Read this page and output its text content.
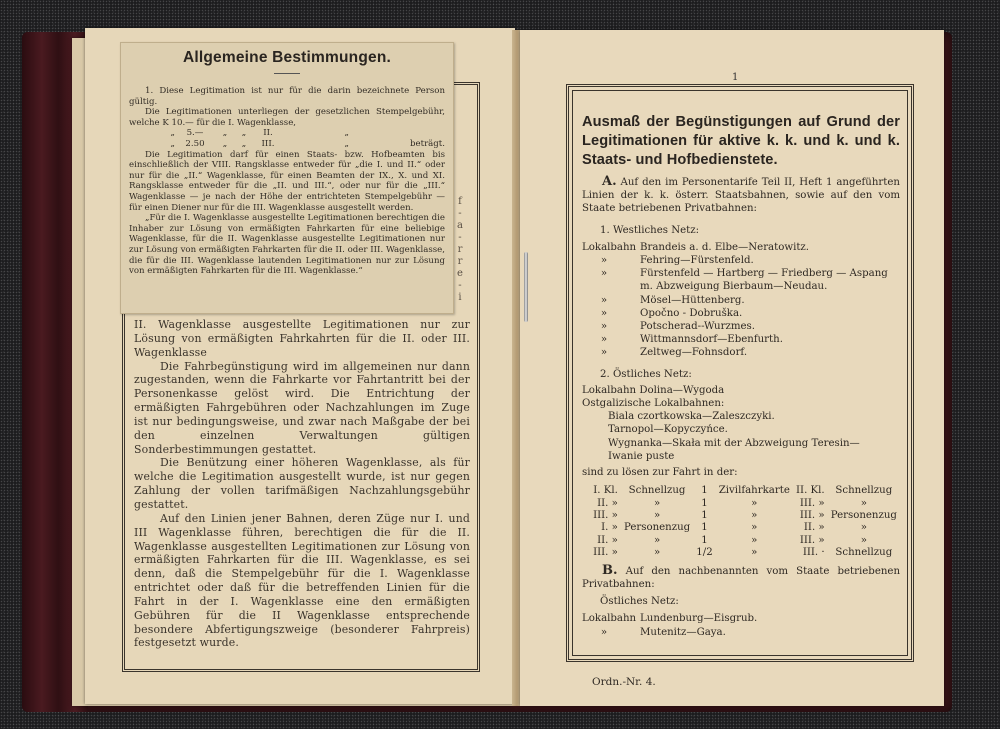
II. Wagenklasse ausgestellte Legitimationen nur zur Lösung von ermäßigten Fahrkahrten für die II. oder III. Wagenklasse

Die Fahrbegünstigung wird im allgemeinen nur dann zugestanden, wenn die Fahrkarte vor Fahrtantritt bei der Personenkasse gelöst wird. Die Entrichtung der ermäßigten Fahrgebühren oder Nachzahlungen im Zuge ist nur bedingungsweise, und zwar nach Maßgabe der bei den einzelnen Verwaltungen gültigen Sonderbestimmungen gestattet.

Die Benützung einer höheren Wagenklasse, als für welche die Legitimation ausgestellt wurde, ist nur gegen Zahlung der vollen tarifmäßigen Nachzahlungsgebühr gestattet.

Auf den Linien jener Bahnen, deren Züge nur I. und III Wagenklasse führen, berechtigen die für die II. Wagenklasse ausgestellten Legitimationen zur Lösung von ermäßigten Fahrkarten für die III. Wagenklasse, es sei denn, daß die Stempelgebühr für die I. Wagenklasse entrichtet oder daß für die betreffenden Linien für die Fahrt in der I. Wagenklasse eine den ermäßigten Gebühren für die II Wagenklasse entsprechende besondere Abfertigungszweige (besonderer Fahrpreis) festgesetzt wurde.

f
-
a
-
r
r
e
-
i
Allgemeine Bestimmungen.

1. Diese Legitimation ist nur für die darin bezeichnete Person gültig.

Die Legitimationen unterliegen der gesetzlichen Stempelgebühr, welche K 10.— für die I. Wagenklasse,

„	5.—	„	„	II.	„
„	2.50	„	„	III.	„	beträgt.

Die Legitimation darf für einen Staats- bzw. Hofbeamten bis einschließlich der VIII. Rangsklasse entweder für „die I. und II.“ oder nur für die „II.“ Wagenklasse, für einen Beamten der IX., X. und XI. Rangsklasse entweder für die „II. und III.“, oder nur für die „III.“ Wagenklasse — je nach der Höhe der entrichteten Stempelgebühr — für einen Diener nur für die III. Wagenklasse ausgestellt werden.

„Für die I. Wagenklasse ausgestellte Legitimationen berechtigen die Inhaber zur Lösung von ermäßigten Fahrkarten für eine beliebige Wagenklasse, für die II. Wagenklasse ausgestellte Legitimationen nur zur Lösung von ermäßigten Fahrkarten für die II. oder III. Wagenklasse, die für die III. Wagenklasse lautenden Legitimationen nur zur Lösung von ermäßigten Fahrkarten für die III. Wagenklasse.“

1
Ausmaß der Begünstigungen auf Grund der Legitimationen für aktive k. k. und k. und k. Staats- und Hofbedienstete.

A. Auf den im Personentarife Teil II, Heft 1 angeführten Linien der k. k. österr. Staatsbahnen, sowie auf den vom Staate betriebenen Privatbahnen:

1. Westliches Netz:
Lokalbahn Brandeis a. d. Elbe—Neratowitz.
»	Fehring—Fürstenfeld.
»	Fürstenfeld — Hartberg — Friedberg — Aspang m. Abzweigung Bierbaum—Neudau.
»	Mösel—Hüttenberg.
»	Opočno - Dobruška.
»	Potscherad--Wurzmes.
»	Wittmannsdorf—Ebenfurth.
»	Zeltweg—Fohnsdorf.
2. Östliches Netz:
Lokalbahn Dolina—Wygoda
Ostgalizische Lokalbahnen:
Biala czortkowska—Zaleszczyki.
Tarnopol—Kopyczyńce.
Wygnanka—Skała mit der Abzweigung Teresin—Iwanie puste
sind zu lösen zur Fahrt in der:
I. Kl.	Schnellzug	1	Zivilfahrkarte	II. Kl.	Schnellzug
II. »	»	1	»	III. »	»
III. »	»	1	»	III. »	Personenzug
I. »	Personenzug	1	»	II. »	»
II. »	»	1	»	III. »	»
III. »	»	1/2	»	III. ·	Schnellzug

B. Auf den nachbenannten vom Staate betriebenen Privatbahnen:

Östliches Netz:
Lokalbahn Lundenburg—Eisgrub.
»	Mutenitz—Gaya.
Ordn.-Nr. 4.
